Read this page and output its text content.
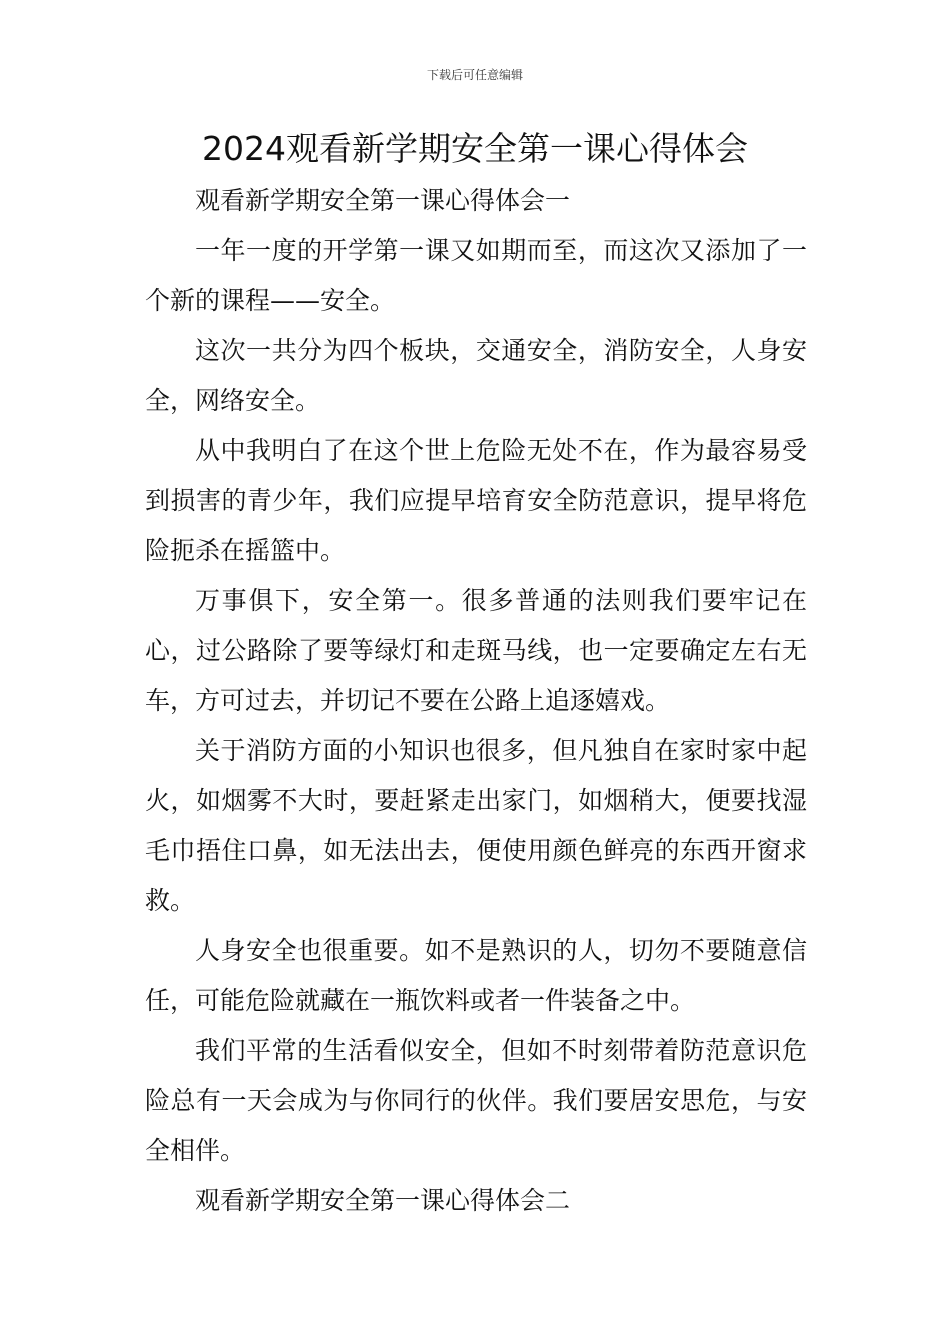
下载后可任意编辑
2024观看新学期安全第一课心得体会

观看新学期安全第一课心得体会一

一年一度的开学第一课又如期而至，而这次又添加了一个新的课程——安全。

这次一共分为四个板块，交通安全，消防安全，人身安全，网络安全。

从中我明白了在这个世上危险无处不在，作为最容易受到损害的青少年，我们应提早培育安全防范意识，提早将危险扼杀在摇篮中。

万事俱下，安全第一。很多普通的法则我们要牢记在心，过公路除了要等绿灯和走斑马线，也一定要确定左右无车，方可过去，并切记不要在公路上追逐嬉戏。

关于消防方面的小知识也很多，但凡独自在家时家中起火，如烟雾不大时，要赶紧走出家门，如烟稍大，便要找湿毛巾捂住口鼻，如无法出去，便使用颜色鲜亮的东西开窗求救。

人身安全也很重要。如不是熟识的人，切勿不要随意信任，可能危险就藏在一瓶饮料或者一件装备之中。

我们平常的生活看似安全，但如不时刻带着防范意识危险总有一天会成为与你同行的伙伴。我们要居安思危，与安全相伴。

观看新学期安全第一课心得体会二
